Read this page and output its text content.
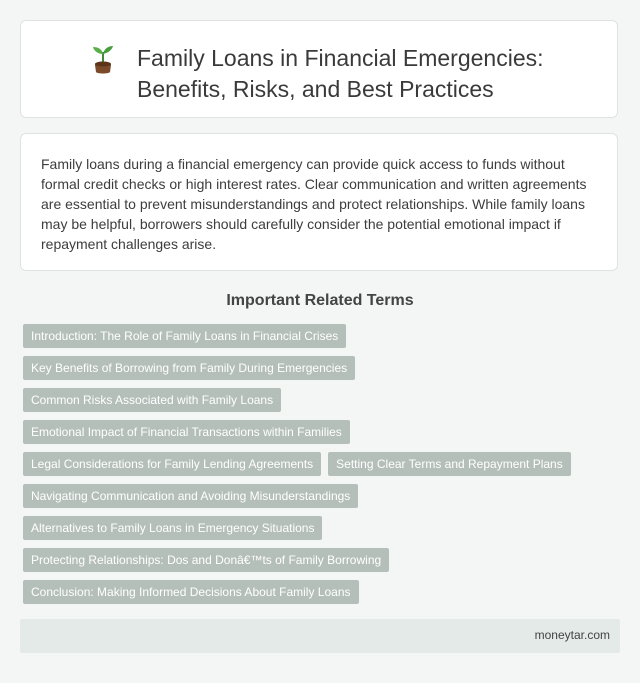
Family Loans in Financial Emergencies: Benefits, Risks, and Best Practices

Family loans during a financial emergency can provide quick access to funds without formal credit checks or high interest rates. Clear communication and written agreements are essential to prevent misunderstandings and protect relationships. While family loans may be helpful, borrowers should carefully consider the potential emotional impact if repayment challenges arise.

Important Related Terms
Introduction: The Role of Family Loans in Financial Crises
Key Benefits of Borrowing from Family During Emergencies
Common Risks Associated with Family Loans
Emotional Impact of Financial Transactions within Families
Legal Considerations for Family Lending Agreements	Setting Clear Terms and Repayment Plans
Navigating Communication and Avoiding Misunderstandings
Alternatives to Family Loans in Emergency Situations
Protecting Relationships: Dos and Donâ€™ts of Family Borrowing
Conclusion: Making Informed Decisions About Family Loans
moneytar.com
